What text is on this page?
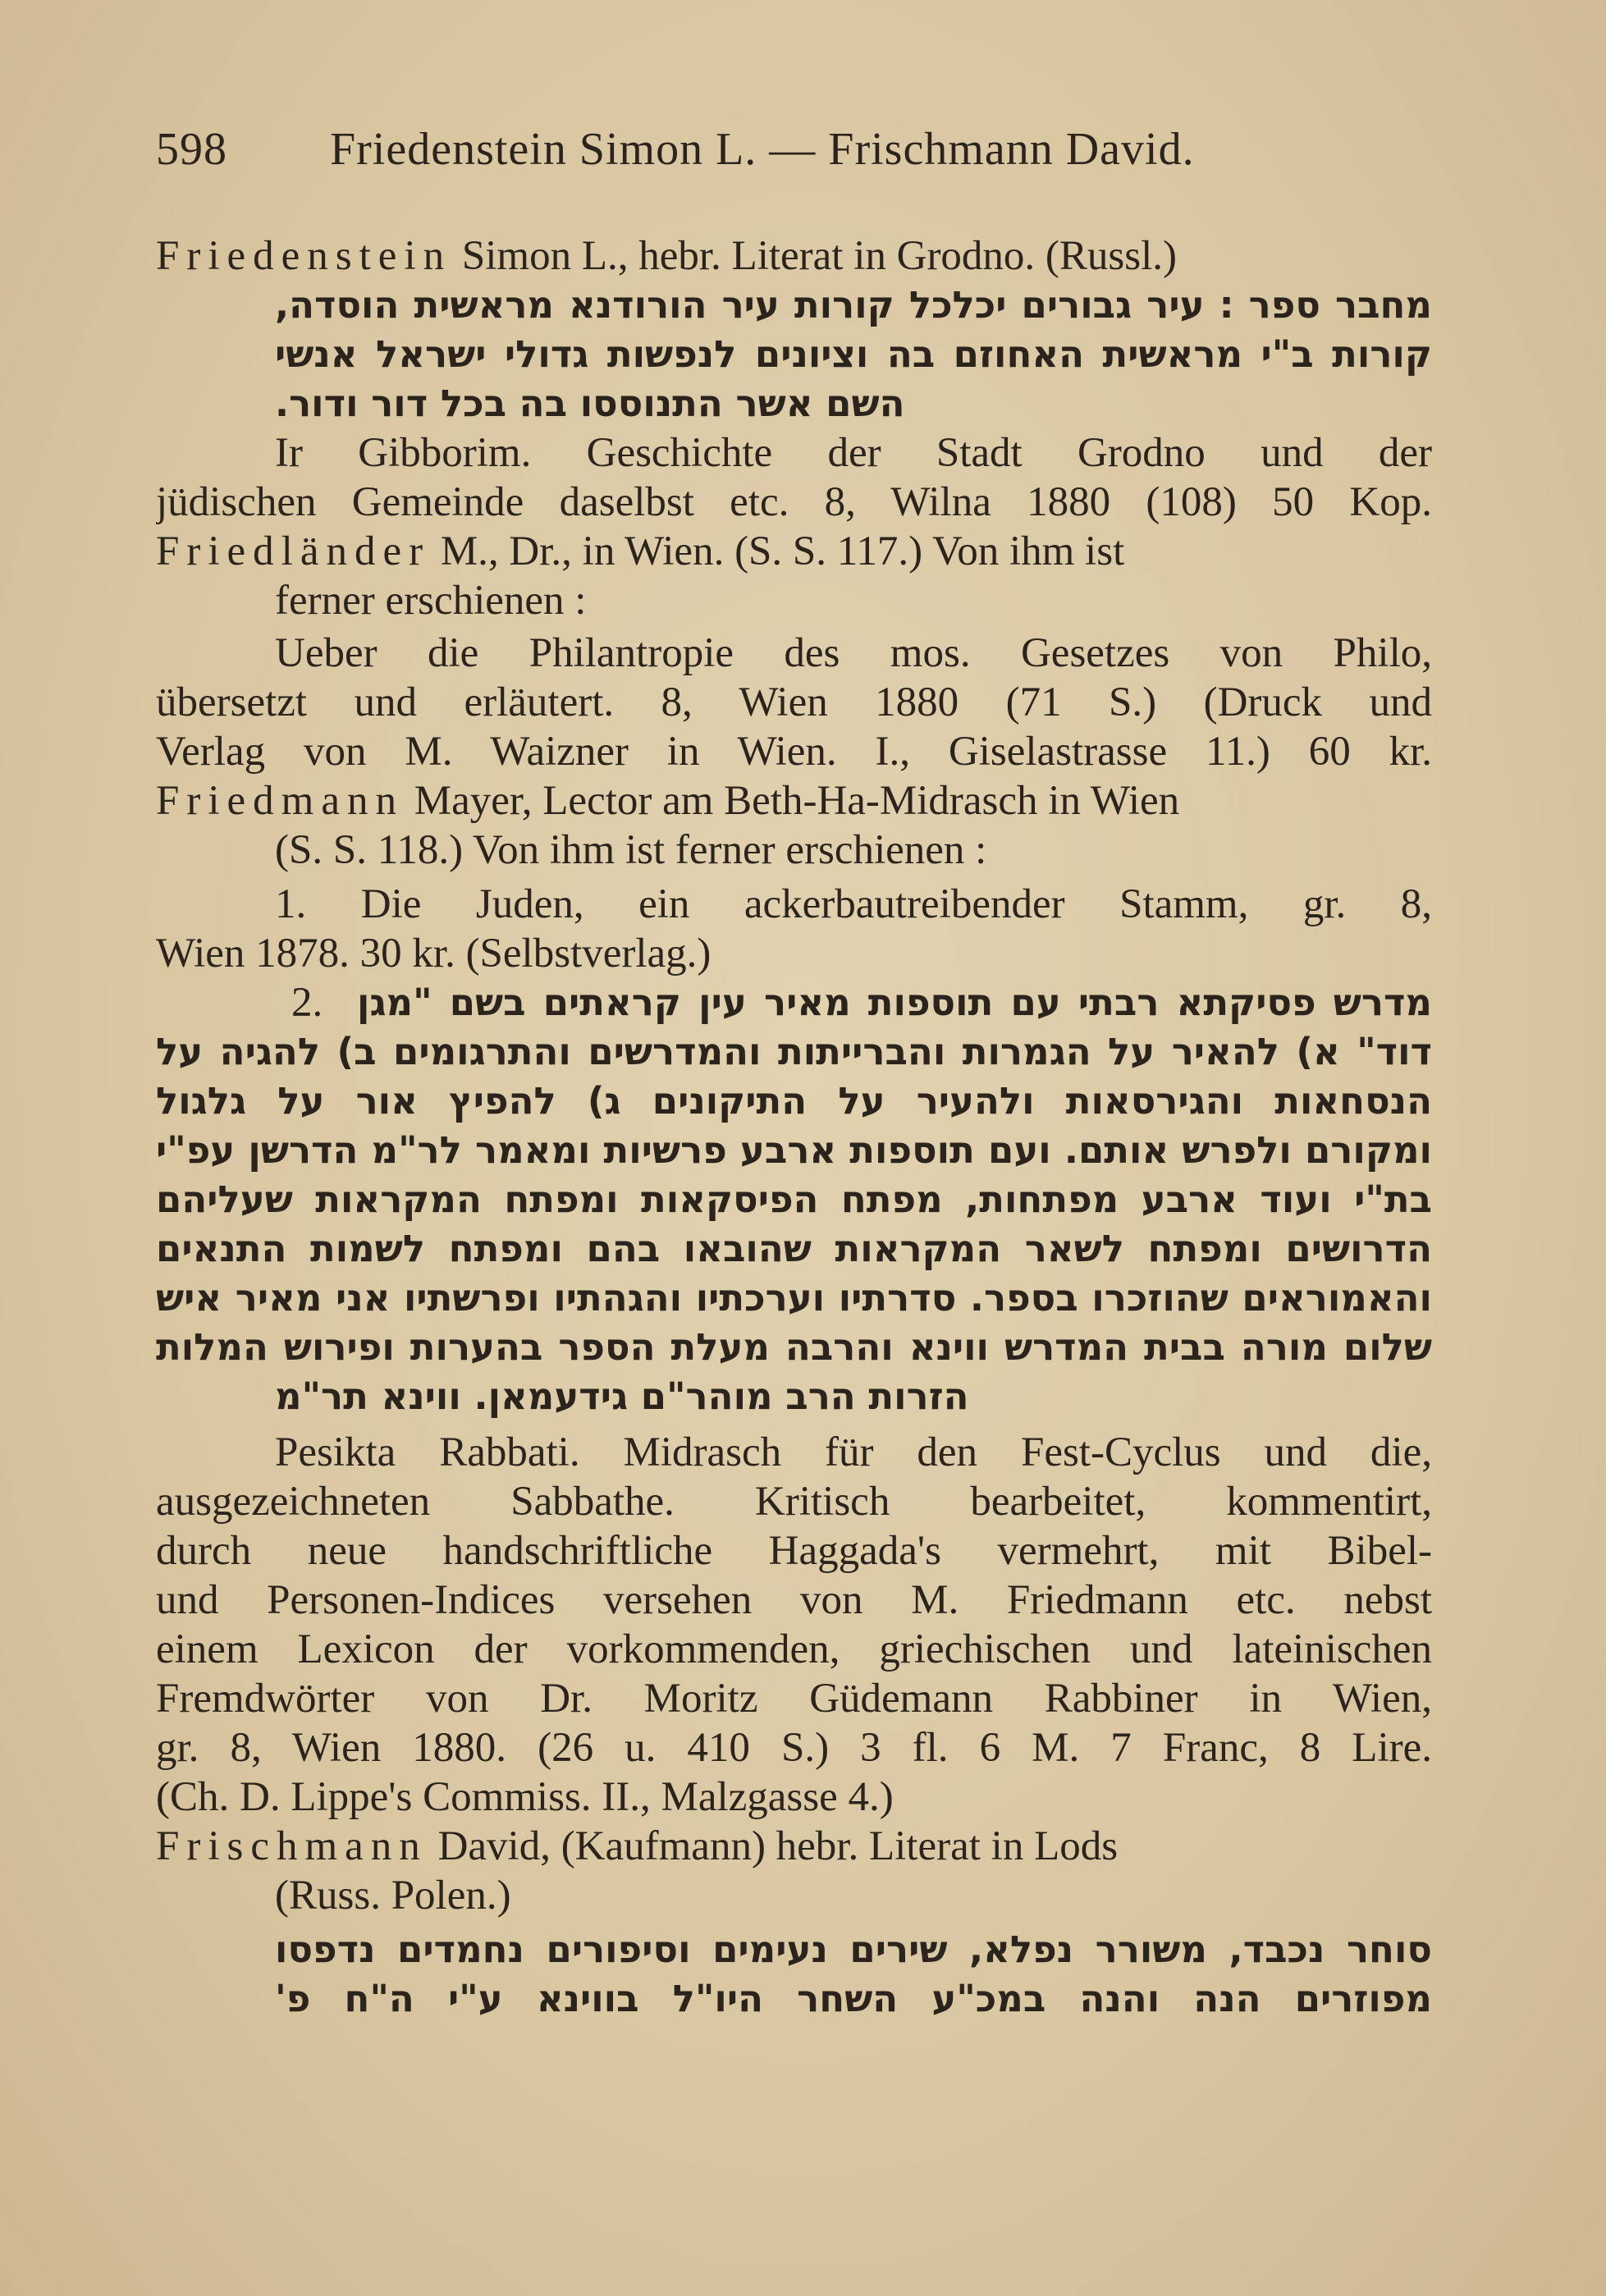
598 Friedenstein Simon L. — Frischmann David.
Friedenstein Simon L., hebr. Literat in Grodno. (Russl.)
מחבר ספר : עיר גבורים יכלכל קורות עיר הורודנא מראשית הוסדה,
קורות ב"י מראשית האחוזם בה וציונים לנפשות גדולי ישראל אנשי
השם אשר התנוססו בה בכל דור ודור.
Ir Gibborim. Geschichte der Stadt Grodno und der
jüdischen Gemeinde daselbst etc. 8, Wilna 1880 (108) 50 Kop.
Friedländer M., Dr., in Wien. (S. S. 117.) Von ihm ist
ferner erschienen :
Ueber die Philantropie des mos. Gesetzes von Philo,
übersetzt und erläutert. 8, Wien 1880 (71 S.) (Druck und
Verlag von M. Waizner in Wien. I., Giselastrasse 11.) 60 kr.
Friedmann Mayer, Lector am Beth-Ha-Midrasch in Wien
(S. S. 118.) Von ihm ist ferner erschienen :
1. Die Juden, ein ackerbautreibender Stamm, gr. 8,
Wien 1878. 30 kr. (Selbstverlag.)
2. מדרש פסיקתא רבתי עם תוספות מאיר עין קראתים בשם "מגן
דוד" א) להאיר על הגמרות והברייתות והמדרשים והתרגומים ב) להגיה על
הנסחאות והגירסאות ולהעיר על התיקונים ג) להפיץ אור על גלגול
ומקורם ולפרש אותם. ועם תוספות ארבע פרשיות ומאמר לר"מ הדרשן עפ"י
בת"י ועוד ארבע מפתחות, מפתח הפיסקאות ומפתח המקראות שעליהם
הדרושים ומפתח לשאר המקראות שהובאו בהם ומפתח לשמות התנאים
והאמוראים שהוזכרו בספר. סדרתיו וערכתיו והגהתיו ופרשתיו אני מאיר איש
שלום מורה בבית המדרש ווינא והרבה מעלת הספר בהערות ופירוש המלות
הזרות הרב מוהר"ם גידעמאן. ווינא תר"מ
Pesikta Rabbati. Midrasch für den Fest-Cyclus und die,
ausgezeichneten Sabbathe. Kritisch bearbeitet, kommentirt,
durch neue handschriftliche Haggada's vermehrt, mit Bibel-
und Personen-Indices versehen von M. Friedmann etc. nebst
einem Lexicon der vorkommenden, griechischen und lateinischen
Fremdwörter von Dr. Moritz Güdemann Rabbiner in Wien,
gr. 8, Wien 1880. (26 u. 410 S.) 3 fl. 6 M. 7 Franc, 8 Lire.
(Ch. D. Lippe's Commiss. II., Malzgasse 4.)
Frischmann David, (Kaufmann) hebr. Literat in Lods
(Russ. Polen.)
סוחר נכבד, משורר נפלא, שירים נעימים וסיפורים נחמדים נדפסו
מפוזרים הנה והנה במכ"ע השחר היו"ל בווינא ע"י ה"ח פ'
